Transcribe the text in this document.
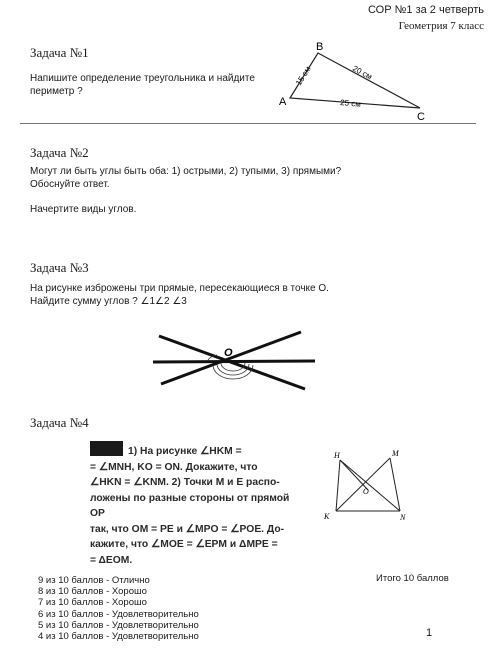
СОР №1 за 2 четверть
Геометрия 7 класс
Задача №1
Напишите определение треугольника и найдите периметр ?
A
B
C
15 см	20 см
25 см
Задача №2
Могут ли быть углы быть оба: 1) острыми, 2) тупыми, 3) прямыми? Обоснуйте ответ.
Начертите виды углов.
Задача №3
На рисунке изброжены три прямые, пересекающиеся в точке О. Найдите сумму углов ? ∠1∠2 ∠3
O
Задача №4
1) На рисунке ∠HKM =
= ∠MNH, KO = ON. Докажите, что
∠HKN = ∠KNM. 2) Точки M и E распо-
ложены по разные стороны от прямой OP
так, что OM = PE и ∠MPO = ∠POE. До-
кажите, что ∠MOE = ∠EPM и ΔMPE =
= ΔEOM.
H	M
K	N
O
9 из 10 баллов - Отлично
8 из 10 баллов - Хорошо
7 из 10 баллов - Хорошо
6 из 10 баллов - Удовлетворительно
5 из 10 баллов - Удовлетворительно
4 из 10 баллов - Удовлетворительно
Итого 10 баллов
1
